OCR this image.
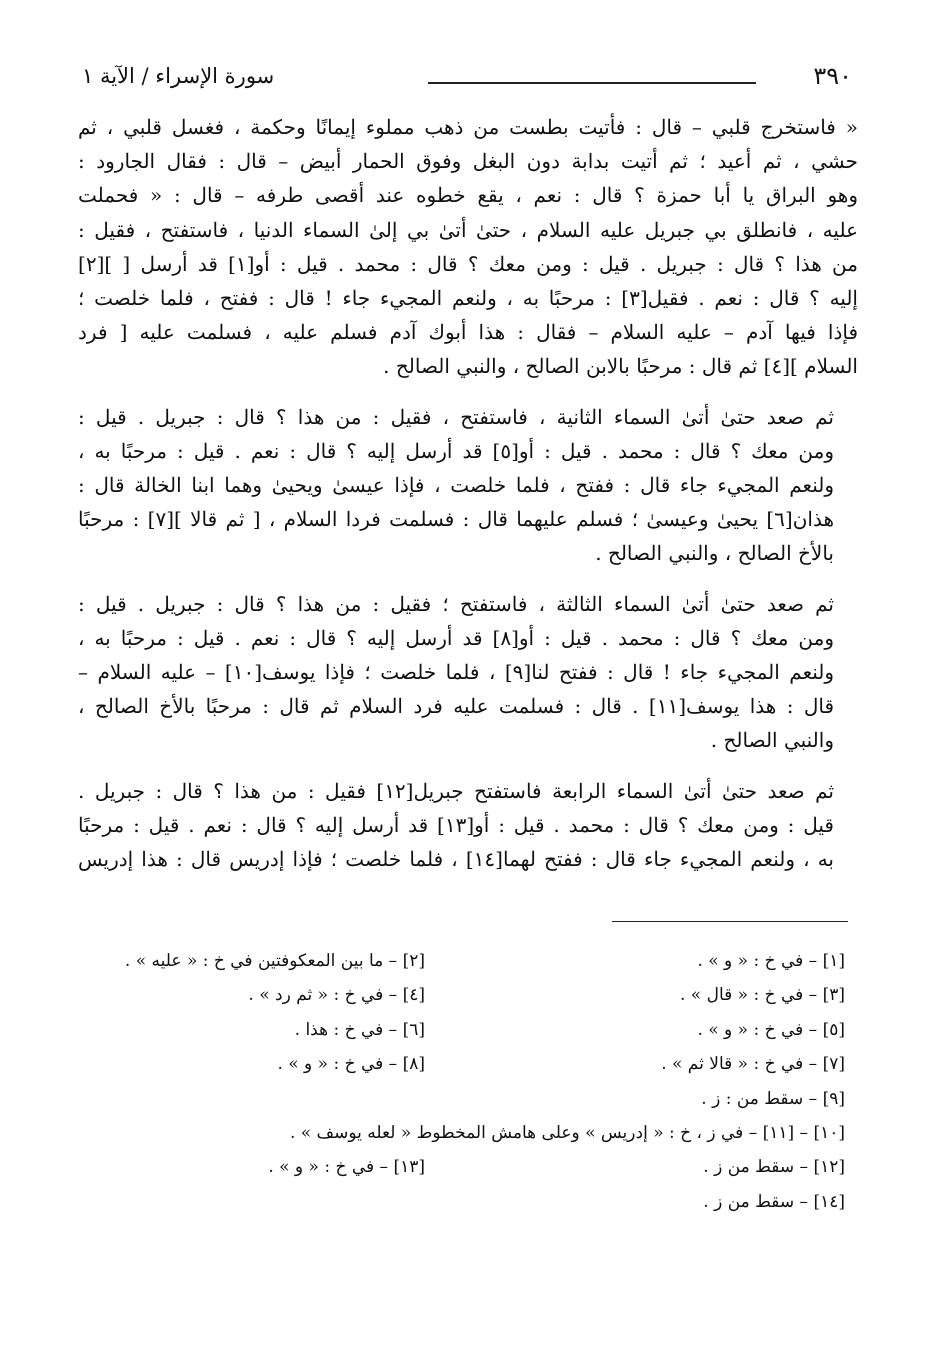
٣٩٠
سورة الإسراء / الآية ١

« فاستخرج قلبي – قال : فأتيت بطست من ذهب مملوء إيمانًا وحكمة ، فغسل قلبي ، ثم
حشي ، ثم أعيد ؛ ثم أتيت بدابة دون البغل وفوق الحمار أبيض – قال : فقال الجارود :
وهو البراق يا أبا حمزة ؟ قال : نعم ، يقع خطوه عند أقصى طرفه – قال : « فحملت
عليه ، فانطلق بي جبريل عليه السلام ، حتىٰ أتىٰ بي إلىٰ السماء الدنيا ، فاستفتح ، فقيل :
من هذا ؟ قال : جبريل . قيل : ومن معك ؟ قال : محمد . قيل : أو[١] قد أرسل [ ][٢]
إليه ؟ قال : نعم . فقيل[٣] : مرحبًا به ، ولنعم المجيء جاء ! قال : ففتح ، فلما خلصت ؛
فإذا فيها آدم – عليه السلام – فقال : هذا أبوك آدم فسلم عليه ، فسلمت عليه [ فرد
السلام ][٤] ثم قال : مرحبًا بالابن الصالح ، والنبي الصالح .

ثم صعد حتىٰ أتىٰ السماء الثانية ، فاستفتح ، فقيل : من هذا ؟ قال : جبريل . قيل :
ومن معك ؟ قال : محمد . قيل : أو[٥] قد أرسل إليه ؟ قال : نعم . قيل : مرحبًا به ،
ولنعم المجيء جاء قال : ففتح ، فلما خلصت ، فإذا عيسىٰ ويحيىٰ وهما ابنا الخالة قال :
هذان[٦] يحيىٰ وعيسىٰ ؛ فسلم عليهما قال : فسلمت فردا السلام ، [ ثم قالا ][٧] : مرحبًا
بالأخ الصالح ، والنبي الصالح .

ثم صعد حتىٰ أتىٰ السماء الثالثة ، فاستفتح ؛ فقيل : من هذا ؟ قال : جبريل . قيل :
ومن معك ؟ قال : محمد . قيل : أو[٨] قد أرسل إليه ؟ قال : نعم . قيل : مرحبًا به ،
ولنعم المجيء جاء ! قال : ففتح لنا[٩] ، فلما خلصت ؛ فإذا يوسف[١٠] – عليه السلام –
قال : هذا يوسف[١١] . قال : فسلمت عليه فرد السلام ثم قال : مرحبًا بالأخ الصالح ،
والنبي الصالح .

ثم صعد حتىٰ أتىٰ السماء الرابعة فاستفتح جبريل[١٢] فقيل : من هذا ؟ قال : جبريل .
قيل : ومن معك ؟ قال : محمد . قيل : أو[١٣] قد أرسل إليه ؟ قال : نعم . قيل : مرحبًا
به ، ولنعم المجيء جاء قال : ففتح لهما[١٤] ، فلما خلصت ؛ فإذا إدريس قال : هذا إدريس

[١] – في خ : « و » .
[٢] – ما بين المعكوفتين في خ : « عليه » .
[٣] – في خ : « قال » .
[٤] – في خ : « ثم رد » .
[٥] – في خ : « و » .
[٦] – في خ : هذا .
[٧] – في خ : « قالا ثم » .
[٨] – في خ : « و » .
[٩] – سقط من : ز .
[١٠] – [١١] – في ز ، خ : « إدريس » وعلى هامش المخطوط « لعله يوسف » .
[١٢] – سقط من ز .
[١٣] – في خ : « و » .
[١٤] – سقط من ز .
